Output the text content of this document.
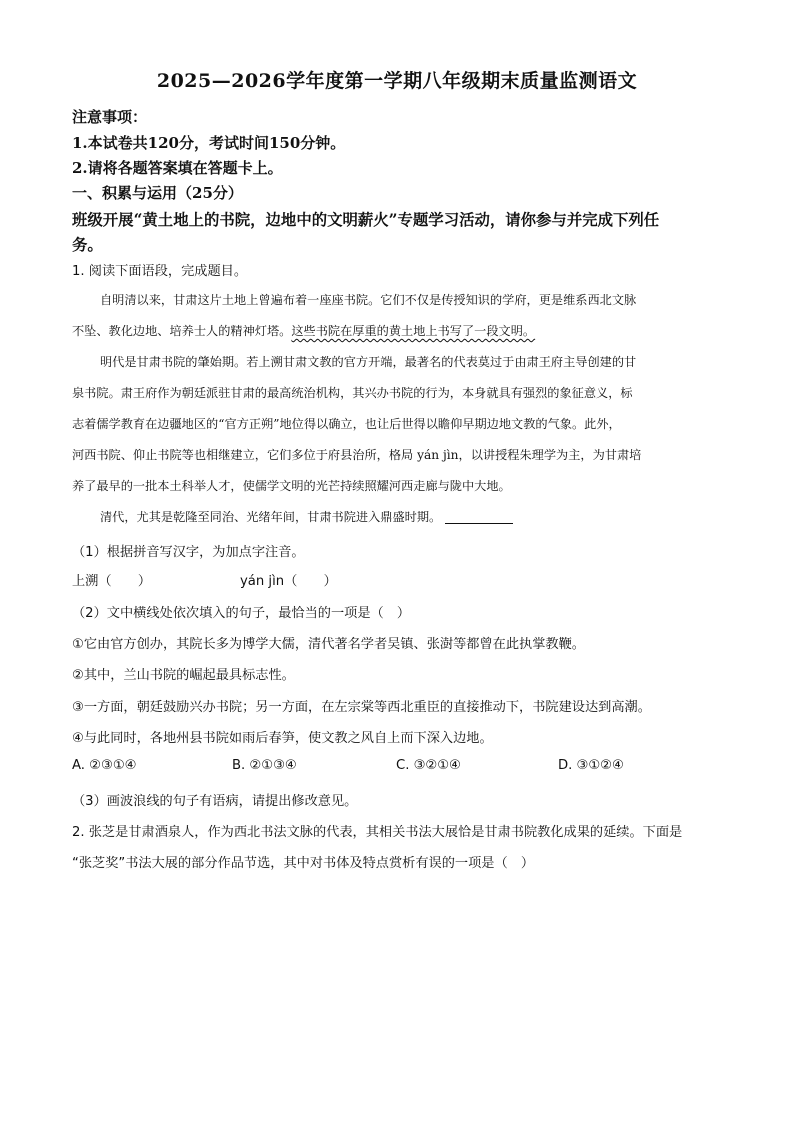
2025—2026学年度第一学期八年级期末质量监测语文
注意事项：
1.本试卷共120分，考试时间150分钟。
2.请将各题答案填在答题卡上。
一、积累与运用（25分）
班级开展“黄土地上的书院，边地中的文明薪火”专题学习活动，请你参与并完成下列任
务。
1. 阅读下面语段，完成题目。
自明清以来，甘肃这片土地上曾遍布着一座座书院。它们不仅是传授知识的学府，更是维系西北文脉
不坠、教化边地、培养士人的精神灯塔。这些书院在厚重的黄土地上书写了一段文明。
明代是甘肃书院的肇始期。若上溯甘肃文教的官方开端，最著名的代表莫过于由肃王府主导创建的甘
泉书院。肃王府作为朝廷派驻甘肃的最高统治机构，其兴办书院的行为，本身就具有强烈的象征意义，标
志着儒学教育在边疆地区的“官方正朔”地位得以确立，也让后世得以瞻仰早期边地文教的气象。此外，
河西书院、仰止书院等也相继建立，它们多位于府县治所，格局 yán jìn，以讲授程朱理学为主，为甘肃培
养了最早的一批本土科举人才，使儒学文明的光芒持续照耀河西走廊与陇中大地。
清代，尤其是乾隆至同治、光绪年间，甘肃书院进入鼎盛时期。
（1）根据拼音写汉字，为加点字注音。
上溯（　　）	yán jìn（　　）
（2）文中横线处依次填入的句子，最恰当的一项是（　）
①它由官方创办，其院长多为博学大儒，清代著名学者吴镇、张澍等都曾在此执掌教鞭。
②其中，兰山书院的崛起最具标志性。
③一方面，朝廷鼓励兴办书院；另一方面，在左宗棠等西北重臣的直接推动下，书院建设达到高潮。
④与此同时，各地州县书院如雨后春笋，使文教之风自上而下深入边地。
A. ②③①④	B. ②①③④	C. ③②①④	D. ③①②④
（3）画波浪线的句子有语病，请提出修改意见。
2. 张芝是甘肃酒泉人，作为西北书法文脉的代表，其相关书法大展恰是甘肃书院教化成果的延续。下面是
“张芝奖”书法大展的部分作品节选，其中对书体及特点赏析有误的一项是（　）
